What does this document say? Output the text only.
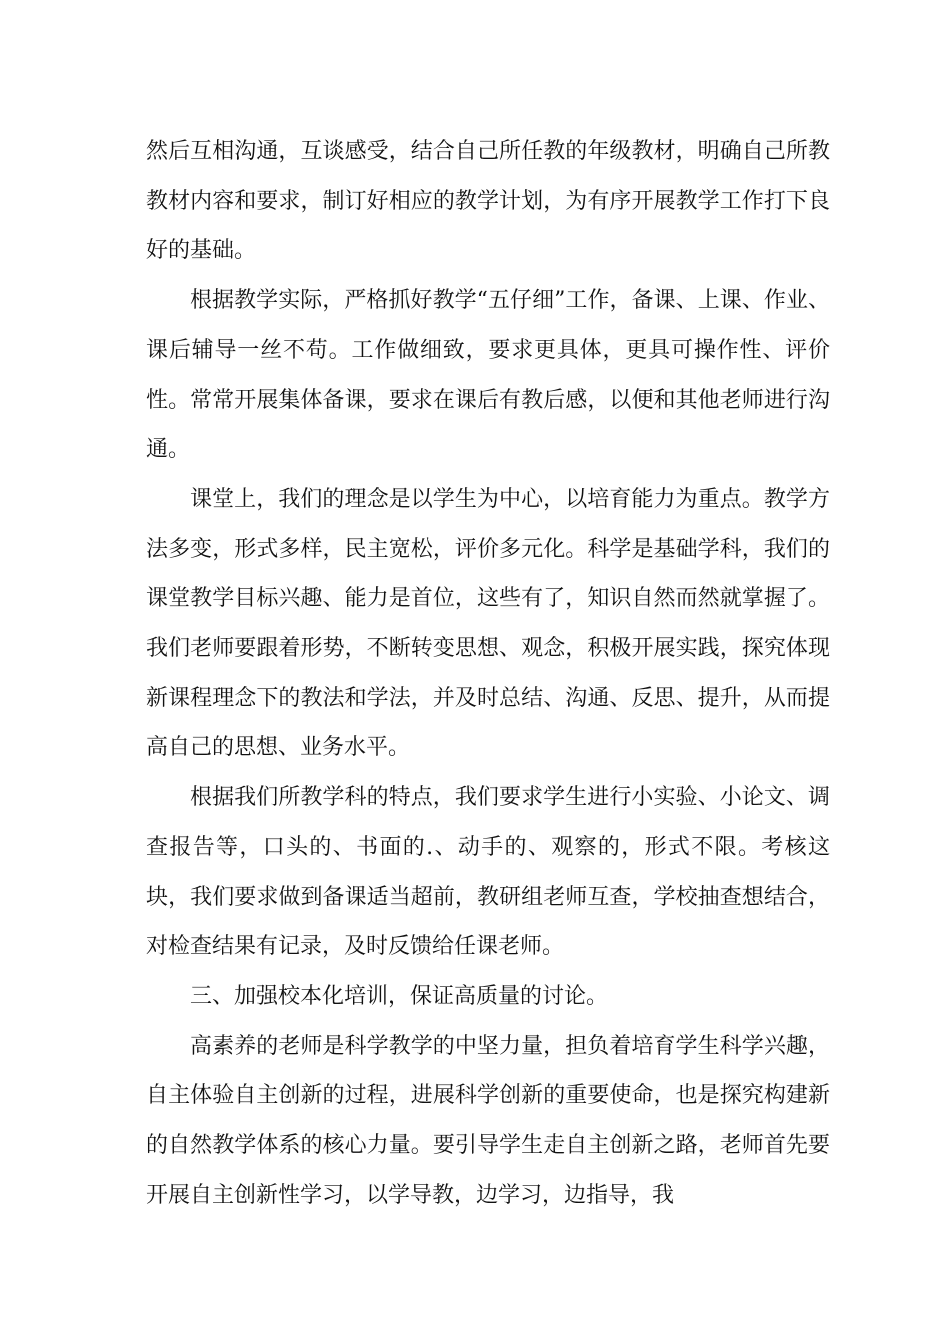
然后互相沟通，互谈感受，结合自己所任教的年级教材，明确自己所教教材内容和要求，制订好相应的教学计划，为有序开展教学工作打下良好的基础。

根据教学实际，严格抓好教学“五仔细”工作，备课、上课、作业、课后辅导一丝不苟。工作做细致，要求更具体，更具可操作性、评价性。常常开展集体备课，要求在课后有教后感，以便和其他老师进行沟通。

课堂上，我们的理念是以学生为中心，以培育能力为重点。教学方法多变，形式多样，民主宽松，评价多元化。科学是基础学科，我们的课堂教学目标兴趣、能力是首位，这些有了，知识自然而然就掌握了。我们老师要跟着形势，不断转变思想、观念，积极开展实践，探究体现新课程理念下的教法和学法，并及时总结、沟通、反思、提升，从而提高自己的思想、业务水平。

根据我们所教学科的特点，我们要求学生进行小实验、小论文、调查报告等，口头的、书面的.、动手的、观察的，形式不限。考核这块，我们要求做到备课适当超前，教研组老师互查，学校抽查想结合，对检查结果有记录，及时反馈给任课老师。

三、加强校本化培训，保证高质量的讨论。

高素养的老师是科学教学的中坚力量，担负着培育学生科学兴趣，自主体验自主创新的过程，进展科学创新的重要使命，也是探究构建新的自然教学体系的核心力量。要引导学生走自主创新之路，老师首先要开展自主创新性学习，以学导教，边学习，边指导，我
